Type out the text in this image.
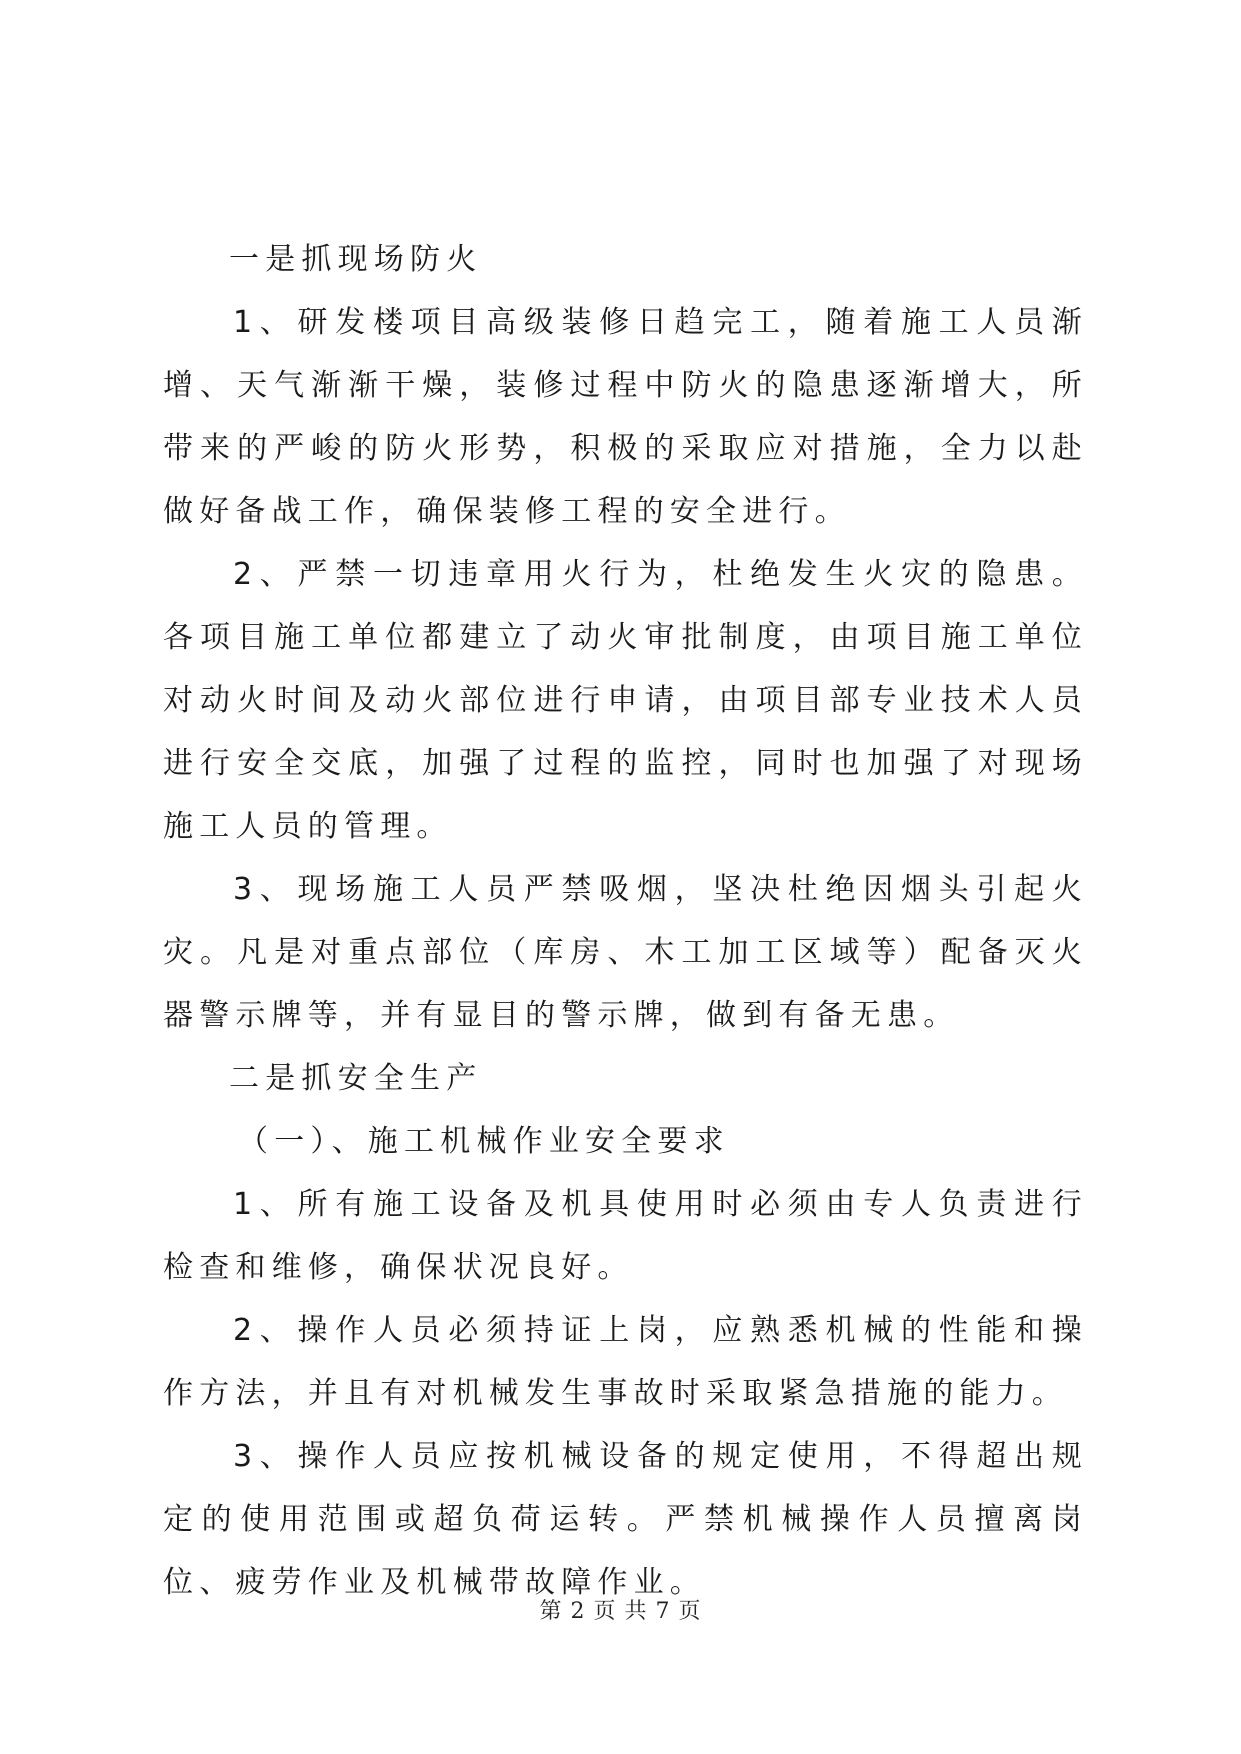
一是抓现场防火

1、研发楼项目高级装修日趋完工，随着施工人员渐增、天气渐渐干燥，装修过程中防火的隐患逐渐增大，所带来的严峻的防火形势，积极的采取应对措施，全力以赴做好备战工作，确保装修工程的安全进行。

2、严禁一切违章用火行为，杜绝发生火灾的隐患。各项目施工单位都建立了动火审批制度，由项目施工单位对动火时间及动火部位进行申请，由项目部专业技术人员进行安全交底，加强了过程的监控，同时也加强了对现场施工人员的管理。

3、现场施工人员严禁吸烟，坚决杜绝因烟头引起火灾。凡是对重点部位（库房、木工加工区域等）配备灭火器警示牌等，并有显目的警示牌，做到有备无患。

二是抓安全生产

（一）、施工机械作业安全要求

1、所有施工设备及机具使用时必须由专人负责进行检查和维修，确保状况良好。

2、操作人员必须持证上岗，应熟悉机械的性能和操作方法，并且有对机械发生事故时采取紧急措施的能力。

3、操作人员应按机械设备的规定使用，不得超出规定的使用范围或超负荷运转。严禁机械操作人员擅离岗位、疲劳作业及机械带故障作业。

第 2 页 共 7 页
